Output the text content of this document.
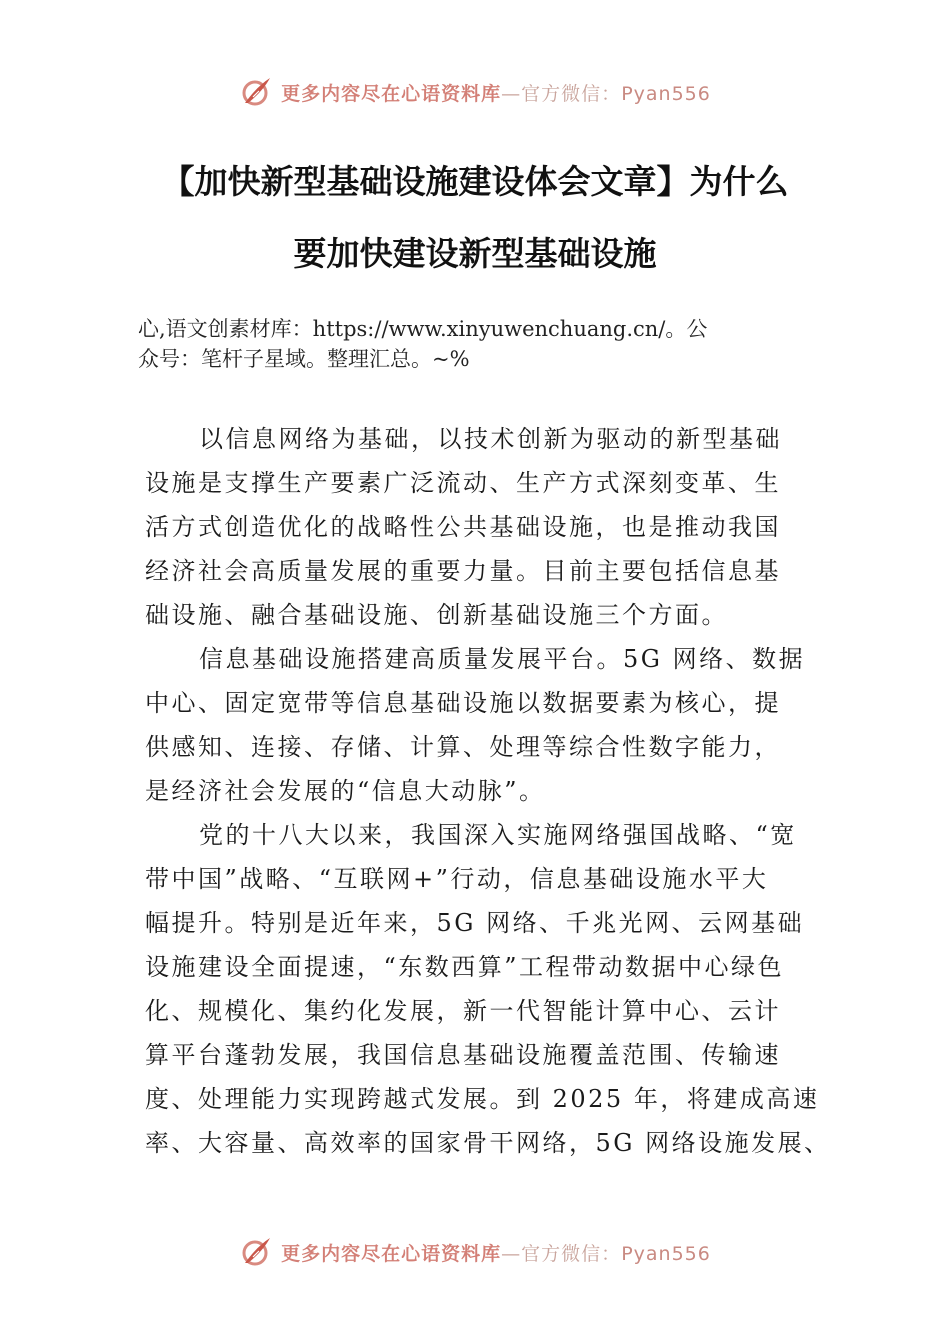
更多内容尽在心语资料库—官方微信：Pyan556
【加快新型基础设施建设体会文章】为什么
要加快建设新型基础设施
心,语文创素材库：https://www.xinyuwenchuang.cn/。公
众号：笔杆子星域。整理汇总。~%
以信息网络为基础，以技术创新为驱动的新型基础
设施是支撑生产要素广泛流动、生产方式深刻变革、生
活方式创造优化的战略性公共基础设施，也是推动我国
经济社会高质量发展的重要力量。目前主要包括信息基
础设施、融合基础设施、创新基础设施三个方面。
信息基础设施搭建高质量发展平台。5G 网络、数据
中心、固定宽带等信息基础设施以数据要素为核心，提
供感知、连接、存储、计算、处理等综合性数字能力，
是经济社会发展的“信息大动脉”。
党的十八大以来，我国深入实施网络强国战略、“宽
带中国”战略、“互联网+”行动，信息基础设施水平大
幅提升。特别是近年来，5G 网络、千兆光网、云网基础
设施建设全面提速，“东数西算”工程带动数据中心绿色
化、规模化、集约化发展，新一代智能计算中心、云计
算平台蓬勃发展，我国信息基础设施覆盖范围、传输速
度、处理能力实现跨越式发展。到 2025 年，将建成高速
率、大容量、高效率的国家骨干网络，5G 网络设施发展、
更多内容尽在心语资料库—官方微信：Pyan556
